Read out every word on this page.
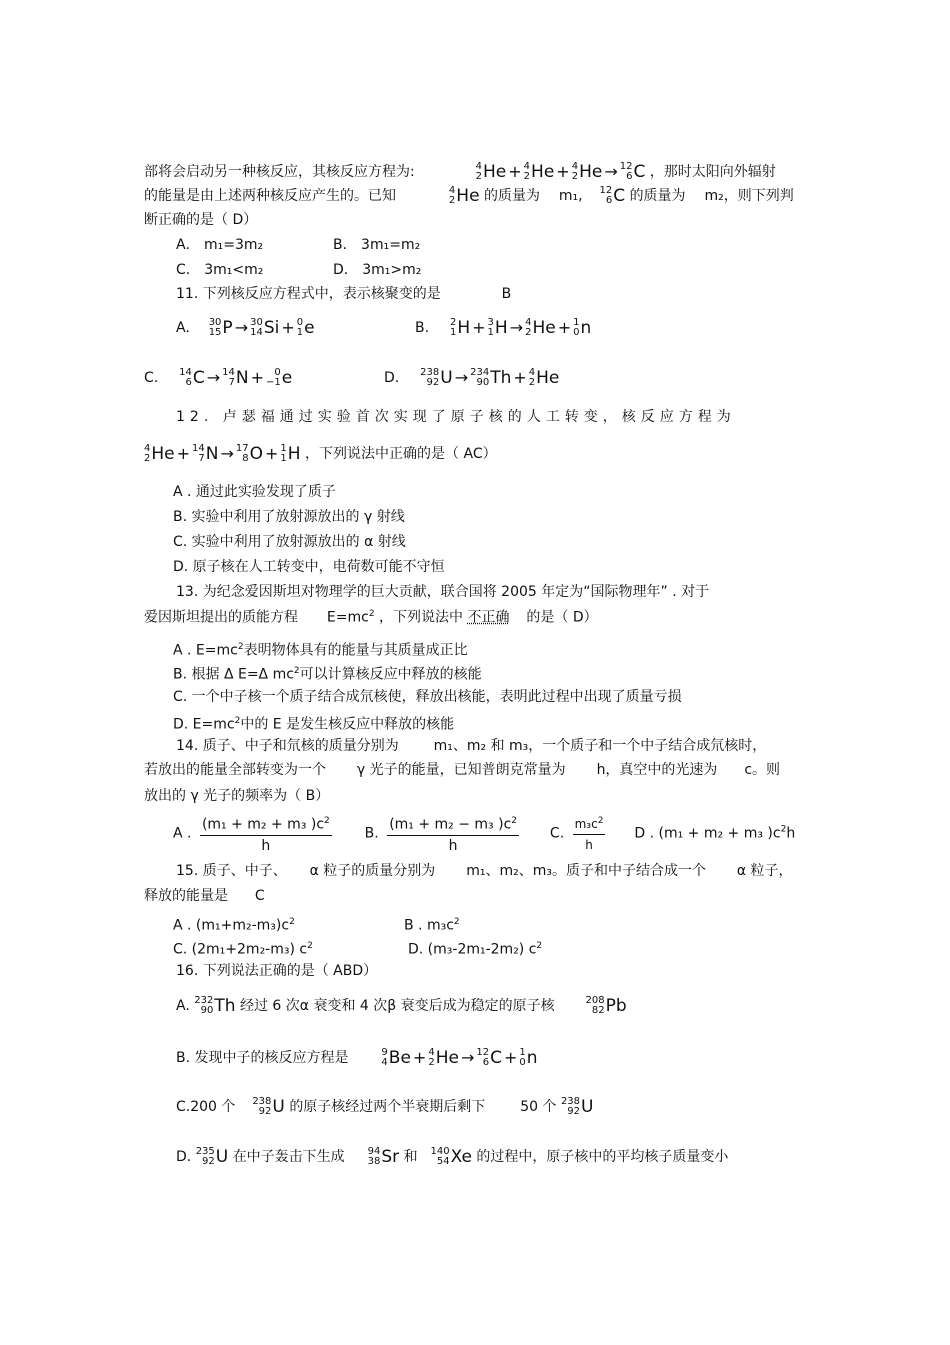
部将会启动另一种核反应，其核反应方程为:	4
2 He + 4
2 He + 4
2 He → 12
6 C ，那时太阳向外辐射
的能量是由上述两种核反应产生的。已知	4
2 He 的质量为 m₁, 12
6 C 的质量为 m₂，则下列判
断正确的是（ D）
A． m₁=3m₂	B． 3m₁=m₂
C． 3m₁<m₂	D． 3m₁>m₂
11. 下列核反应方程式中，表示核聚变的是	B
A. 30
15 P → 30
14 Si + 0
1 e	B. 2
1 H + 3
1 H → 4
2 He + 1
0 n
C. 14
6 C → 14
7 N + 0
−1 e	D. 238
92 U → 234
90 Th + 4
2 He
12. 卢瑟福通过实验首次实现了原子核的人工转变，核反应方程为
4
2 He + 14
7 N → 17
8 O + 1
1 H ，下列说法中正确的是（ AC）
A . 通过此实验发现了质子
B. 实验中利用了放射源放出的 γ 射线
C. 实验中利用了放射源放出的 α 射线
D. 原子核在人工转变中，电荷数可能不守恒
13. 为纪念爱因斯坦对物理学的巨大贡献，联合国将 2005 年定为“国际物理年” . 对于
爱因斯坦提出的质能方程 $E=mc^2$ ，下列说法中 不正确 的是（ D）
A . $E=mc^2$表明物体具有的能量与其质量成正比
B. 根据 Δ E=Δ $mc^2$可以计算核反应中释放的核能
C. 一个中子核一个质子结合成氘核使，释放出核能，表明此过程中出现了质量亏损
D. $E=mc^2$中的 E 是发生核反应中释放的核能
14. 质子、中子和氘核的质量分别为 m₁、m₂ 和 m₃，一个质子和一个中子结合成氘核时，
若放出的能量全部转变为一个 γ 光子的能量，已知普朗克常量为 h，真空中的光速为 c。则
放出的 γ 光子的频率为（ B）
A . $\frac{(m_1 + m_2 + m_3 )c^2}{h} B$. $\frac{(m_1 + m_2 - m_3 )c^2}{h} C$. $\frac{m_3c^2}{h}$ D . (m₁ + m₂ + m₃ )$c^2h$
15. 质子、中子、 α 粒子的质量分别为 m₁、m₂、m₃。质子和中子结合成一个 α 粒子，
释放的能量是 C
A . $(m_1+m_2-m_3)c^2$	B . $m_3c^2$
C. (2m₁+2m₂-m₃) $c^2$	D. (m₃-2m₁-2m₂) $c^2$
16. 下列说法正确的是（ ABD）
A. 232
90 Th 经过 6 次α 衰变和 4 次β 衰变后成为稳定的原子核	208
82 Pb
B. 发现中子的核反应方程是	9
4 Be + 4
2 He → 12
6 C + 1
0 n
C.200 个 238
92 U 的原子核经过两个半衰期后剩下 50 个 238
92 U
D. 235
92 U 在中子轰击下生成 94
38 Sr 和 140
54 Xe 的过程中，原子核中的平均核子质量变小
